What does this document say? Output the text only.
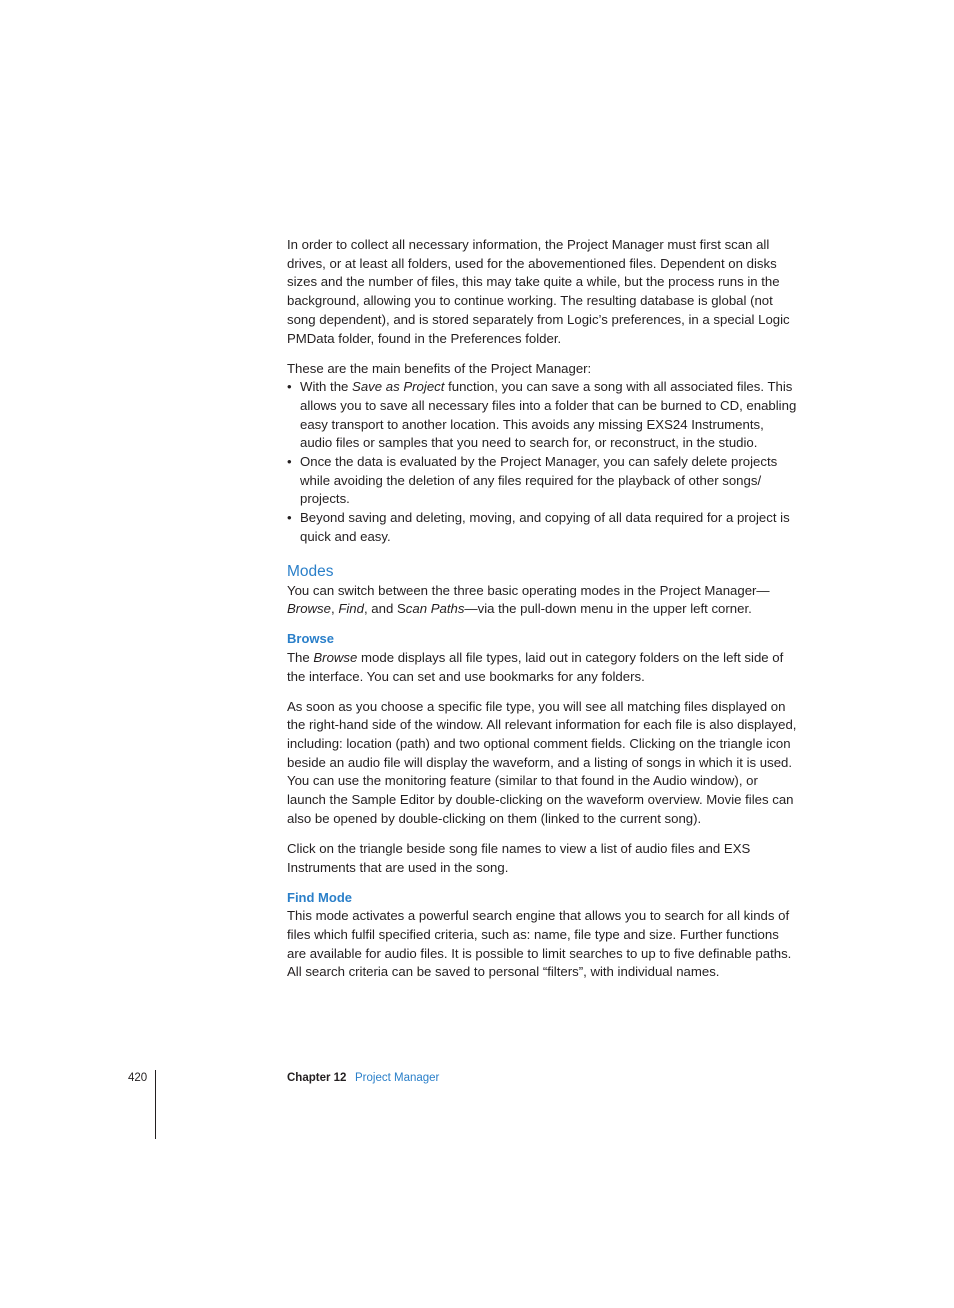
In order to collect all necessary information, the Project Manager must first scan all drives, or at least all folders, used for the abovementioned files. Dependent on disks sizes and the number of files, this may take quite a while, but the process runs in the background, allowing you to continue working. The resulting database is global (not song dependent), and is stored separately from Logic’s preferences, in a special Logic PMData folder, found in the Preferences folder.

These are the main benefits of the Project Manager:

• With the Save as Project function, you can save a song with all associated files. This allows you to save all necessary files into a folder that can be burned to CD, enabling easy transport to another location. This avoids any missing EXS24 Instruments, audio files or samples that you need to search for, or reconstruct, in the studio.
• Once the data is evaluated by the Project Manager, you can safely delete projects while avoiding the deletion of any files required for the playback of other songs/ projects.
• Beyond saving and deleting, moving, and copying of all data required for a project is quick and easy.
Modes

You can switch between the three basic operating modes in the Project Manager—Browse, Find, and Scan Paths—via the pull-down menu in the upper left corner.

Browse

The Browse mode displays all file types, laid out in category folders on the left side of the interface. You can set and use bookmarks for any folders.

As soon as you choose a specific file type, you will see all matching files displayed on the right-hand side of the window. All relevant information for each file is also displayed, including: location (path) and two optional comment fields. Clicking on the triangle icon beside an audio file will display the waveform, and a listing of songs in which it is used. You can use the monitoring feature (similar to that found in the Audio window), or launch the Sample Editor by double-clicking on the waveform overview. Movie files can also be opened by double-clicking on them (linked to the current song).

Click on the triangle beside song file names to view a list of audio files and EXS Instruments that are used in the song.

Find Mode

This mode activates a powerful search engine that allows you to search for all kinds of files which fulfil specified criteria, such as: name, file type and size. Further functions are available for audio files. It is possible to limit searches to up to five definable paths. All search criteria can be saved to personal “filters”, with individual names.

420	Chapter 12 Project Manager
